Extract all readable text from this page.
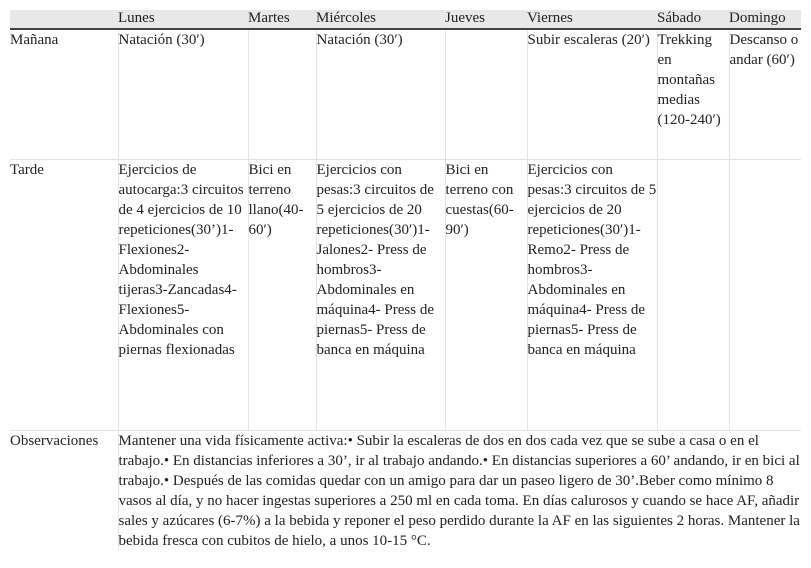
	Lunes	Martes	Miércoles	Jueves	Viernes	Sábado	Domingo
Mañana	Natación (30′)		Natación (30′)		Subir escaleras (20′)	Trekking en montañas medias (120-240′)	Descanso o andar (60′)
Tarde	Ejercicios de autocarga:3 circuitos de 4 ejercicios de 10 repeticiones(30’)1-Flexiones2-Abdominales tijeras3-Zancadas4-Flexiones5-Abdominales con piernas flexionadas	Bici en terreno llano(40-60′)	Ejercicios con pesas:3 circuitos de 5 ejercicios de 20 repeticiones(30′)1-Jalones2- Press de hombros3-Abdominales en máquina4- Press de piernas5- Press de banca en máquina	Bici en terreno con cuestas(60-90′)	Ejercicios con pesas:3 circuitos de 5 ejercicios de 20 repeticiones(30′)1-Remo2- Press de hombros3-Abdominales en máquina4- Press de piernas5- Press de banca en máquina		
Observaciones	Mantener una vida físicamente activa:• Subir la escaleras de dos en dos cada vez que se sube a casa o en el trabajo.• En distancias inferiores a 30’, ir al trabajo andando.• En distancias superiores a 60’ andando, ir en bici al trabajo.• Después de las comidas quedar con un amigo para dar un paseo ligero de 30’.Beber como mínimo 8 vasos al día, y no hacer ingestas superiores a 250 ml en cada toma. En días calurosos y cuando se hace AF, añadir sales y azúcares (6-7%) a la bebida y reponer el peso perdido durante la AF en las siguientes 2 horas. Mantener la bebida fresca con cubitos de hielo, a unos 10-15 °C.						
